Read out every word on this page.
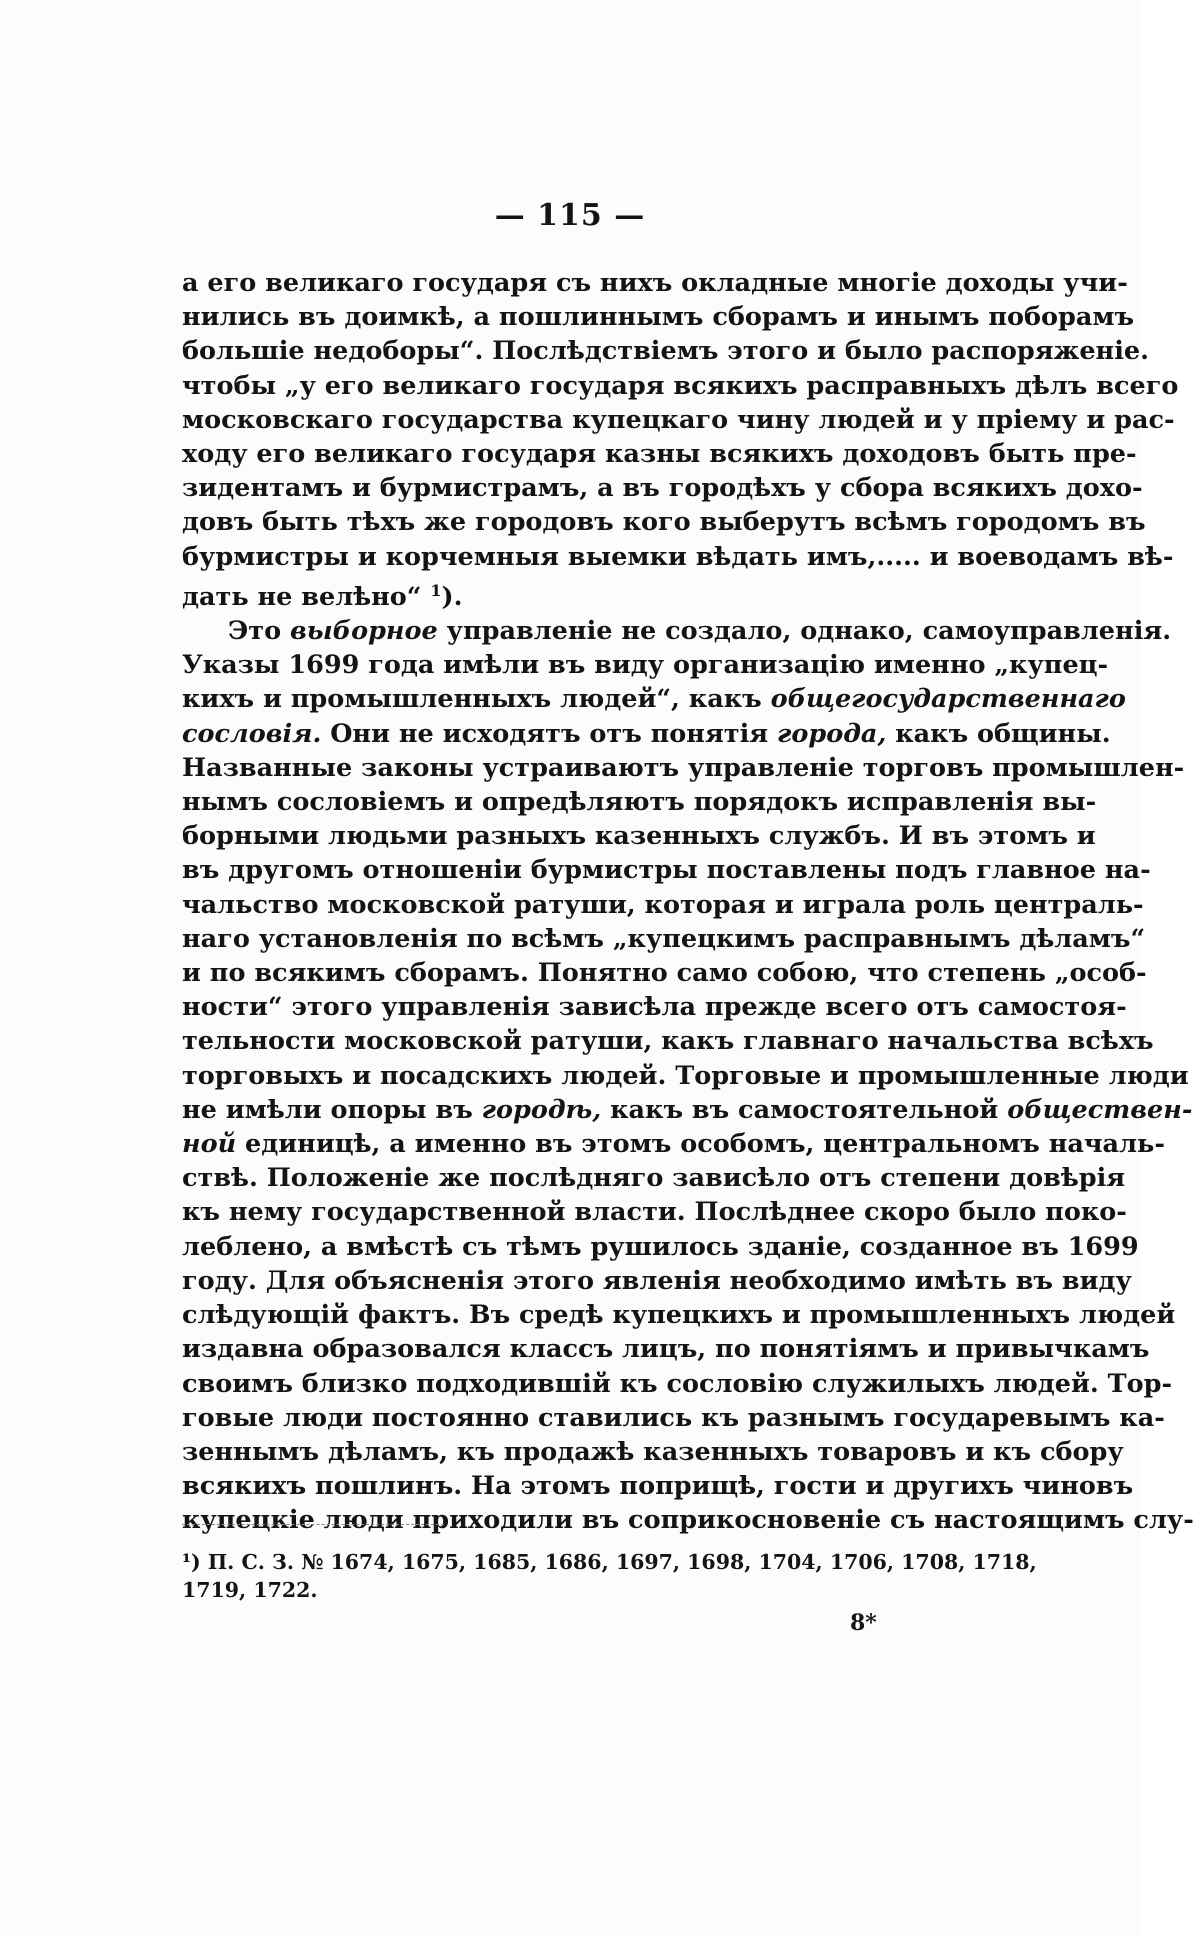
— 115 —

а его великаго государя съ нихъ окладные многіе доходы учи-
нились въ доимкѣ, а пошлиннымъ сборамъ и инымъ поборамъ
большіе недоборы“. Послѣдствіемъ этого и было распоряженіе.
чтобы „у его великаго государя всякихъ расправныхъ дѣлъ всего
московскаго государства купецкаго чину людей и у пріему и рас-
ходу его великаго государя казны всякихъ доходовъ быть пре-
зидентамъ и бурмистрамъ, а въ городѣхъ у сбора всякихъ дохо-
довъ быть тѣхъ же городовъ кого выберутъ всѣмъ городомъ въ
бурмистры и корчемныя выемки вѣдать имъ,..... и воеводамъ вѣ-
дать не велѣно“ $^1$).

Это выборное управленіе не создало, однако, самоуправленія.
Указы 1699 года имѣли въ виду организацію именно „купец-
кихъ и промышленныхъ людей“, какъ общегосударственнаго
сословія. Они не исходятъ отъ понятія города, какъ общины.
Названные законы устраиваютъ управленіе торговъ промышлен-
нымъ сословіемъ и опредѣляютъ порядокъ исправленія вы-
борными людьми разныхъ казенныхъ службъ. И въ этомъ и
въ другомъ отношеніи бурмистры поставлены подъ главное на-
чальство московской ратуши, которая и играла роль централь-
наго установленія по всѣмъ „купецкимъ расправнымъ дѣламъ“
и по всякимъ сборамъ. Понятно само собою, что степень „особ-
ности“ этого управленія зависѣла прежде всего отъ самостоя-
тельности московской ратуши, какъ главнаго начальства всѣхъ
торговыхъ и посадскихъ людей. Торговые и промышленные люди
не имѣли опоры въ городѣ, какъ въ самостоятельной обществен-
ной единицѣ, а именно въ этомъ особомъ, центральномъ началь-
ствѣ. Положеніе же послѣдняго зависѣло отъ степени довѣрія
къ нему государственной власти. Послѣднее скоро было поко-
леблено, а вмѣстѣ съ тѣмъ рушилось зданіе, созданное въ 1699
году. Для объясненія этого явленія необходимо имѣть въ виду
слѣдующій фактъ. Въ средѣ купецкихъ и промышленныхъ людей
издавна образовался классъ лицъ, по понятіямъ и привычкамъ
своимъ близко подходившій къ сословію служилыхъ людей. Тор-
говые люди постоянно ставились къ разнымъ государевымъ ка-
зеннымъ дѣламъ, къ продажѣ казенныхъ товаровъ и къ сбору
всякихъ пошлинъ. На этомъ поприщѣ, гости и другихъ чиновъ
купецкіе люди приходили въ соприкосновеніе съ настоящимъ слу-

¹) П. С. З. № 1674, 1675, 1685, 1686, 1697, 1698, 1704, 1706, 1708, 1718,
1719, 1722.
8*
